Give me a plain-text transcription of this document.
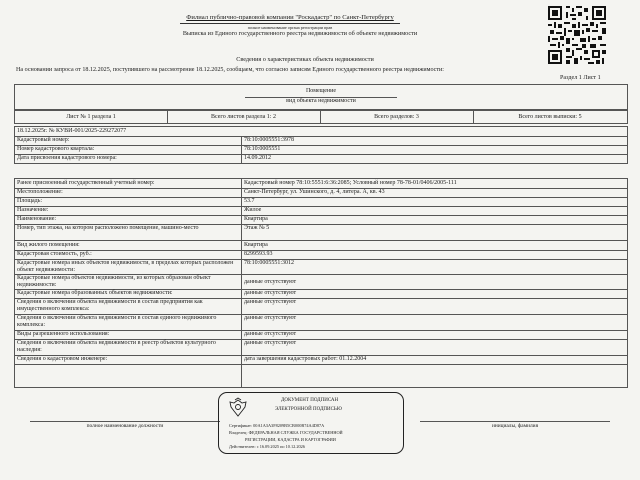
Филиал публично-правовой компании "Роскадастр" по Санкт-Петербургу
полное наименование органа регистрации прав
Выписка из Единого государственного реестра недвижимости об объекте недвижимости
Сведения о характеристиках объекта недвижимости
На основании запроса от 18.12.2025, поступившего на рассмотрение 18.12.2025, сообщаем, что согласно записям Единого государственного реестра недвижимости:
Раздел 1 Лист 1
Помещение
вид объекта недвижимости
Лист № 1 раздела 1	Всего листов раздела 1: 2	Всего разделов: 3	Всего листов выписки: 5
18.12.2025г. № КУВИ-001/2025-229272077
Кадастровый номер:	78:10:0005551:3978
Номер кадастрового квартала:	78:10:0005551
Дата присвоения кадастрового номера:	14.09.2012
Ранее присвоенный государственный учетный номер:	Кадастровый номер 78:10:5551:6:36:2085; Условный номер 78-78-01/0406/2005-111
Местоположение:	Санкт-Петербург, ул. Ушинского, д. 4, литера. А, кв. 43
Площадь:	53.7
Назначение:	Жилое
Наименование:	Квартира
Номер, тип этажа, на котором расположено помещение, машино-место	Этаж № 5
Вид жилого помещения:	Квартира
Кадастровая стоимость, руб.:	8299593.93
Кадастровые номера иных объектов недвижимости, в пределах которых расположен объект недвижимости:
78:10:0005551:3012
Кадастровые номера объектов недвижимости, из которых образован объект недвижимости:	данные отсутствуют
Кадастровые номера образованных объектов недвижимости:	данные отсутствуют
Сведения о включении объекта недвижимости в состав предприятия как имущественного комплекса:
данные отсутствуют
Сведения о включении объекта недвижимости в состав единого недвижимого комплекса:
данные отсутствуют
Виды разрешенного использования:	данные отсутствуют
Сведения о включении объекта недвижимости в реестр объектов культурного наследия:
данные отсутствуют
Сведения о кадастровом инженере:	дата завершения кадастровых работ: 01.12.2004
полное наименование должности	инициалы, фамилия
ДОКУМЕНТ ПОДПИСАН
ЭЛЕКТРОННОЙ ПОДПИСЬЮ
Сертификат: 00A1A3A3F8209B5CB000B74A4D87A
Владелец: ФЕДЕРАЛЬНАЯ СЛУЖБА ГОСУДАРСТВЕННОЙ
РЕГИСТРАЦИИ, КАДАСТРА И КАРТОГРАФИИ
Действителен: с 16.09.2025 по 10.12.2026
